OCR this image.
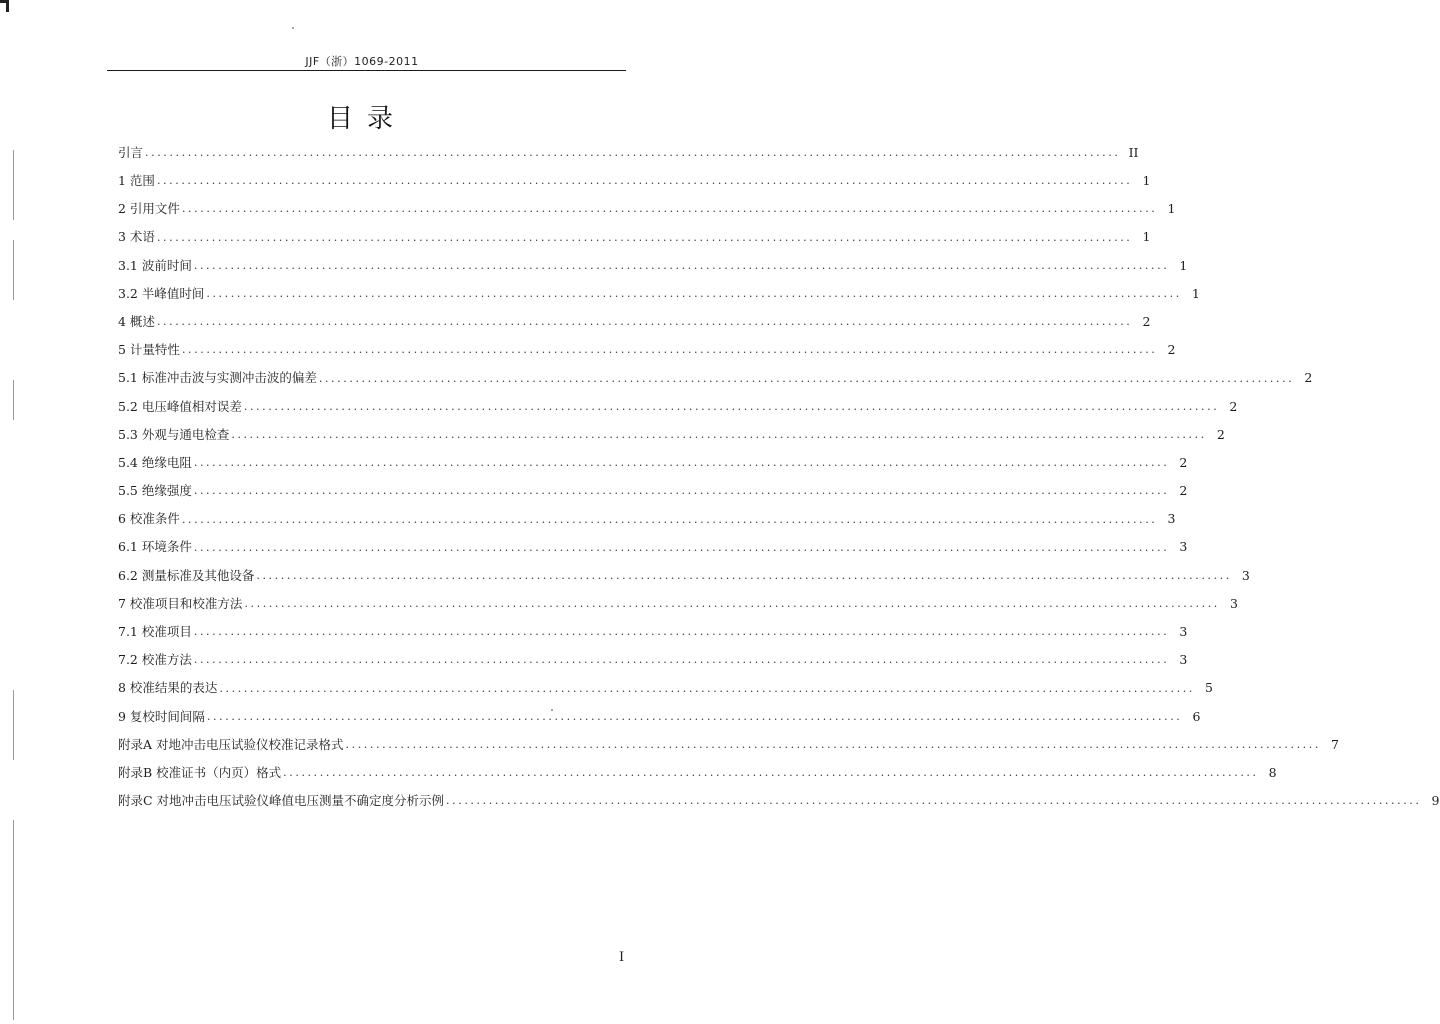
JJF（浙）1069-2011
目录
引言 ................................................................................................................................................................ II
1 范围 ................................................................................................................................................................ 1
2 引用文件 ................................................................................................................................................................ 1
3 术语 ................................................................................................................................................................ 1
3.1 波前时间 ................................................................................................................................................................ 1
3.2 半峰值时间 ................................................................................................................................................................ 1
4 概述 ................................................................................................................................................................ 2
5 计量特性 ................................................................................................................................................................ 2
5.1 标准冲击波与实测冲击波的偏差 ................................................................................................................................................................ 2
5.2 电压峰值相对误差 ................................................................................................................................................................ 2
5.3 外观与通电检查 ................................................................................................................................................................ 2
5.4 绝缘电阻 ................................................................................................................................................................ 2
5.5 绝缘强度 ................................................................................................................................................................ 2
6 校准条件 ................................................................................................................................................................ 3
6.1 环境条件 ................................................................................................................................................................ 3
6.2 测量标准及其他设备 ................................................................................................................................................................ 3
7 校准项目和校准方法 ................................................................................................................................................................ 3
7.1 校准项目 ................................................................................................................................................................ 3
7.2 校准方法 ................................................................................................................................................................ 3
8 校准结果的表达 ................................................................................................................................................................ 5
9 复校时间间隔 ................................................................................................................................................................ 6
附录A 对地冲击电压试验仪校准记录格式 ................................................................................................................................................................ 7
附录B 校准证书（内页）格式 ................................................................................................................................................................ 8
附录C 对地冲击电压试验仪峰值电压测量不确定度分析示例 ................................................................................................................................................................ 9
I
